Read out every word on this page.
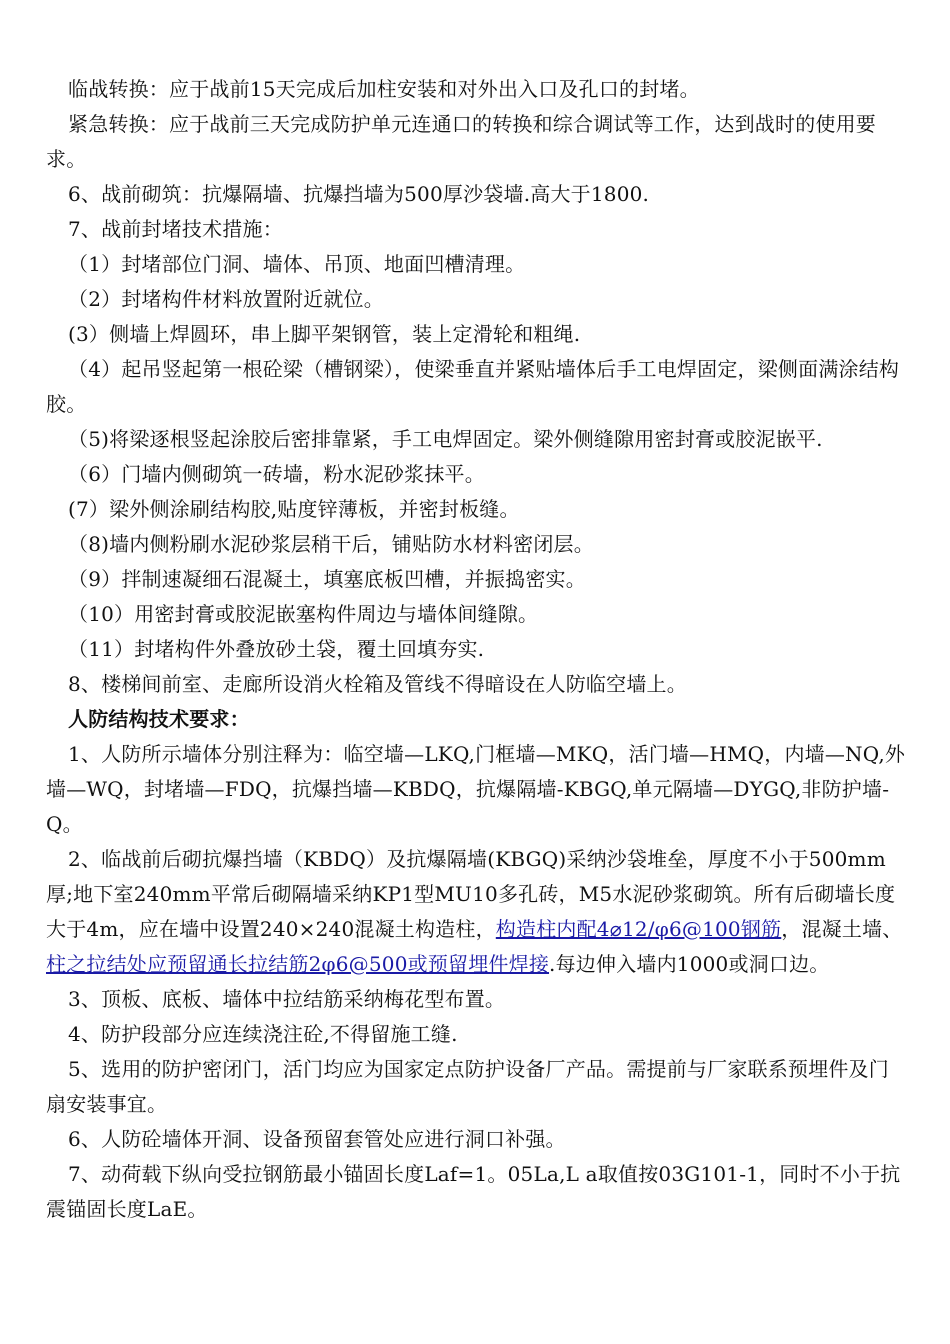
临战转换：应于战前15天完成后加柱安装和对外出入口及孔口的封堵。

紧急转换：应于战前三天完成防护单元连通口的转换和综合调试等工作，达到战时的使用要求。

6、战前砌筑：抗爆隔墙、抗爆挡墙为500厚沙袋墙.高大于1800.

7、战前封堵技术措施：

（1）封堵部位门洞、墙体、吊顶、地面凹槽清理。

（2）封堵构件材料放置附近就位。

(3）侧墙上焊圆环，串上脚平架钢管，装上定滑轮和粗绳.

（4）起吊竖起第一根砼梁（槽钢梁），使梁垂直并紧贴墙体后手工电焊固定，梁侧面满涂结构胶。

（5)将梁逐根竖起涂胶后密排靠紧，手工电焊固定。梁外侧缝隙用密封膏或胶泥嵌平.

（6）门墙内侧砌筑一砖墙，粉水泥砂浆抹平。

(7）梁外侧涂刷结构胶,贴度锌薄板，并密封板缝。

（8)墙内侧粉刷水泥砂浆层稍干后，铺贴防水材料密闭层。

（9）拌制速凝细石混凝土，填塞底板凹槽，并振捣密实。

（10）用密封膏或胶泥嵌塞构件周边与墙体间缝隙。

（11）封堵构件外叠放砂土袋，覆土回填夯实.

8、楼梯间前室、走廊所设消火栓箱及管线不得暗设在人防临空墙上。

人防结构技术要求：

1、人防所示墙体分别注释为：临空墙—LKQ,门框墙—MKQ，活门墙—HMQ，内墙—NQ,外墙—WQ，封堵墙—FDQ，抗爆挡墙—KBDQ，抗爆隔墙-KBGQ,单元隔墙—DYGQ,非防护墙-Q。

2、临战前后砌抗爆挡墙（KBDQ）及抗爆隔墙(KBGQ)采纳沙袋堆垒，厚度不小于500mm厚;地下室240mm平常后砌隔墙采纳KP1型MU10多孔砖，M5水泥砂浆砌筑。所有后砌墙长度大于4m，应在墙中设置240×240混凝土构造柱，构造柱内配4⌀12/φ6@100钢筋，混凝土墙、柱之拉结处应预留通长拉结筋2φ6@500或预留埋件焊接.每边伸入墙内1000或洞口边。

3、顶板、底板、墙体中拉结筋采纳梅花型布置。

4、防护段部分应连续浇注砼,不得留施工缝.

5、选用的防护密闭门，活门均应为国家定点防护设备厂产品。需提前与厂家联系预埋件及门扇安装事宜。

6、人防砼墙体开洞、设备预留套管处应进行洞口补强。

7、动荷载下纵向受拉钢筋最小锚固长度Laf=1。05La,L a取值按03G101-1，同时不小于抗震锚固长度LaE。
